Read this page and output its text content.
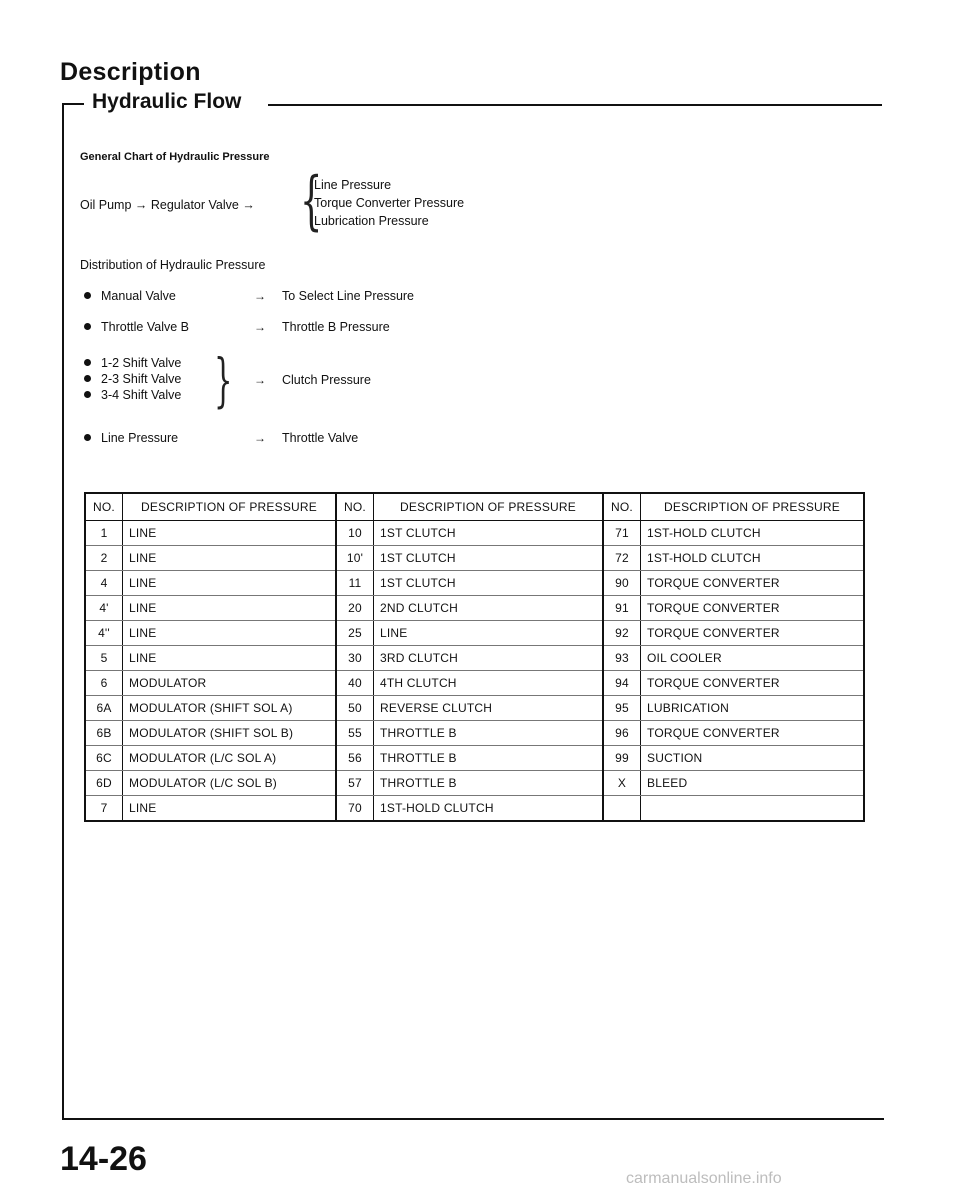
Description
Hydraulic Flow
General Chart of Hydraulic Pressure
Oil Pump → Regulator Valve → {
Line Pressure
Torque Converter Pressure
Lubrication Pressure
Distribution of Hydraulic Pressure
Manual Valve	→ To Select Line Pressure
Throttle Valve B	→ Throttle B Pressure
1-2 Shift Valve
2-3 Shift Valve
3-4 Shift Valve } → Clutch Pressure
Line Pressure	→ Throttle Valve
NO.	DESCRIPTION OF PRESSURE	NO.	DESCRIPTION OF PRESSURE	NO.	DESCRIPTION OF PRESSURE
1	LINE	10	1ST CLUTCH	71	1ST-HOLD CLUTCH
2	LINE	10'	1ST CLUTCH	72	1ST-HOLD CLUTCH
4	LINE	11	1ST CLUTCH	90	TORQUE CONVERTER
4'	LINE	20	2ND CLUTCH	91	TORQUE CONVERTER
4''	LINE	25	LINE	92	TORQUE CONVERTER
5	LINE	30	3RD CLUTCH	93	OIL COOLER
6	MODULATOR	40	4TH CLUTCH	94	TORQUE CONVERTER
6A	MODULATOR (SHIFT SOL A)	50	REVERSE CLUTCH	95	LUBRICATION
6B	MODULATOR (SHIFT SOL B)	55	THROTTLE B	96	TORQUE CONVERTER
6C	MODULATOR (L/C SOL A)	56	THROTTLE B	99	SUCTION
6D	MODULATOR (L/C SOL B)	57	THROTTLE B	X	BLEED
7	LINE	70	1ST-HOLD CLUTCH		
14-26
carmanualsonline.info
